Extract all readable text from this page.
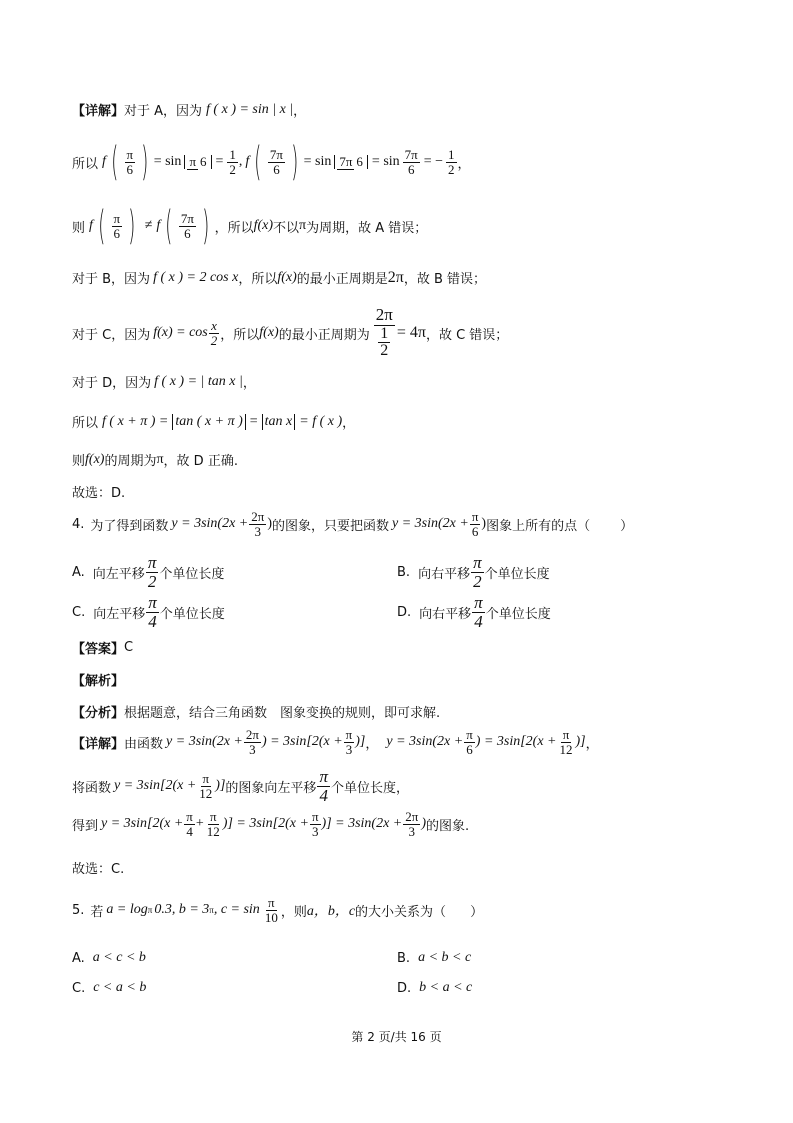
【详解】 对于 A，因为 f ( x ) = sin | x | ，
所以 f ( $\frac{\pi}{6}$ ) = sin π $6 = \frac{1}{2}$ , f ( $\frac{7\pi}{6}$ ) = sin 7π $6 = \sin \frac{7\pi}{6}$ = − $\frac{1}{2}$ ，
则 f ( $\frac{\pi}{6}$ ) ≠ f ( $\frac{7\pi}{6}$ ) ，所以 f(x) 不以 π 为周期，故 A 错误；
对于 B，因为 f ( x ) = 2 cos x ，所以 f(x) 的最小正周期是 2π ，故 B 错误；
对于 C，因为 $f(x) = \cos \frac{x}{2}$ ，所以 f(x) 的最小正周期为 $\frac{2\pi}{\frac{1}{2}} = 4\pi$ ，故 C 错误；
对于 D，因为 f ( x ) = | tan x | ，
所以 f ( x + π ) = tan ( x + π ) = tan x = f ( x ) ，
则 f(x) 的周期为 π ，故 D 正确.
故选：D.
4. 为了得到函数 $y = 3\sin(2x + \frac{2\pi}{3}$ ) 的图象，只要把函数 $y = 3\sin(2x + \frac{\pi}{6}$ ) 图象上所有的点（ ）
A. 向左平移 $\frac{\pi}{2}$ 个单位长度	B. 向右平移 $\frac{\pi}{2}$ 个单位长度
C. 向左平移 $\frac{\pi}{4}$ 个单位长度	D. 向右平移 $\frac{\pi}{4}$ 个单位长度
【答案】 C
【解析】
【分析】 根据题意，结合三角函数　图象变换的规则，即可求解.
【详解】 由函数 $y = 3\sin(2x + \frac{2\pi}{3}$ ) = $3\sin[2(x + \frac{\pi}{3}$ )] ， $y = 3\sin(2x + \frac{\pi}{6}$ ) = $3\sin[2(x + \frac{\pi}{12}$ )] ，
将函数 $y = 3\sin[2(x + \frac{\pi}{12}$ )] 的图象向左平移 $\frac{\pi}{4}$ 个单位长度，
得到 $y = 3\sin[2(x + \frac{\pi}{4} + \frac{\pi}{12}$ )] = $3\sin[2(x + \frac{\pi}{3}$ )] = $3\sin(2x + \frac{2\pi}{3}$ ) 的图象.
故选：C.
5. 若 a = log π 0.3, b = 3 π , $c = \sin \frac{\pi}{10}$ ，则 a，b，c 的大小关系为（ ）
A. a < c < b	B. a < b < c
C. c < a < b	D. b < a < c
第 2 页/共 16 页
